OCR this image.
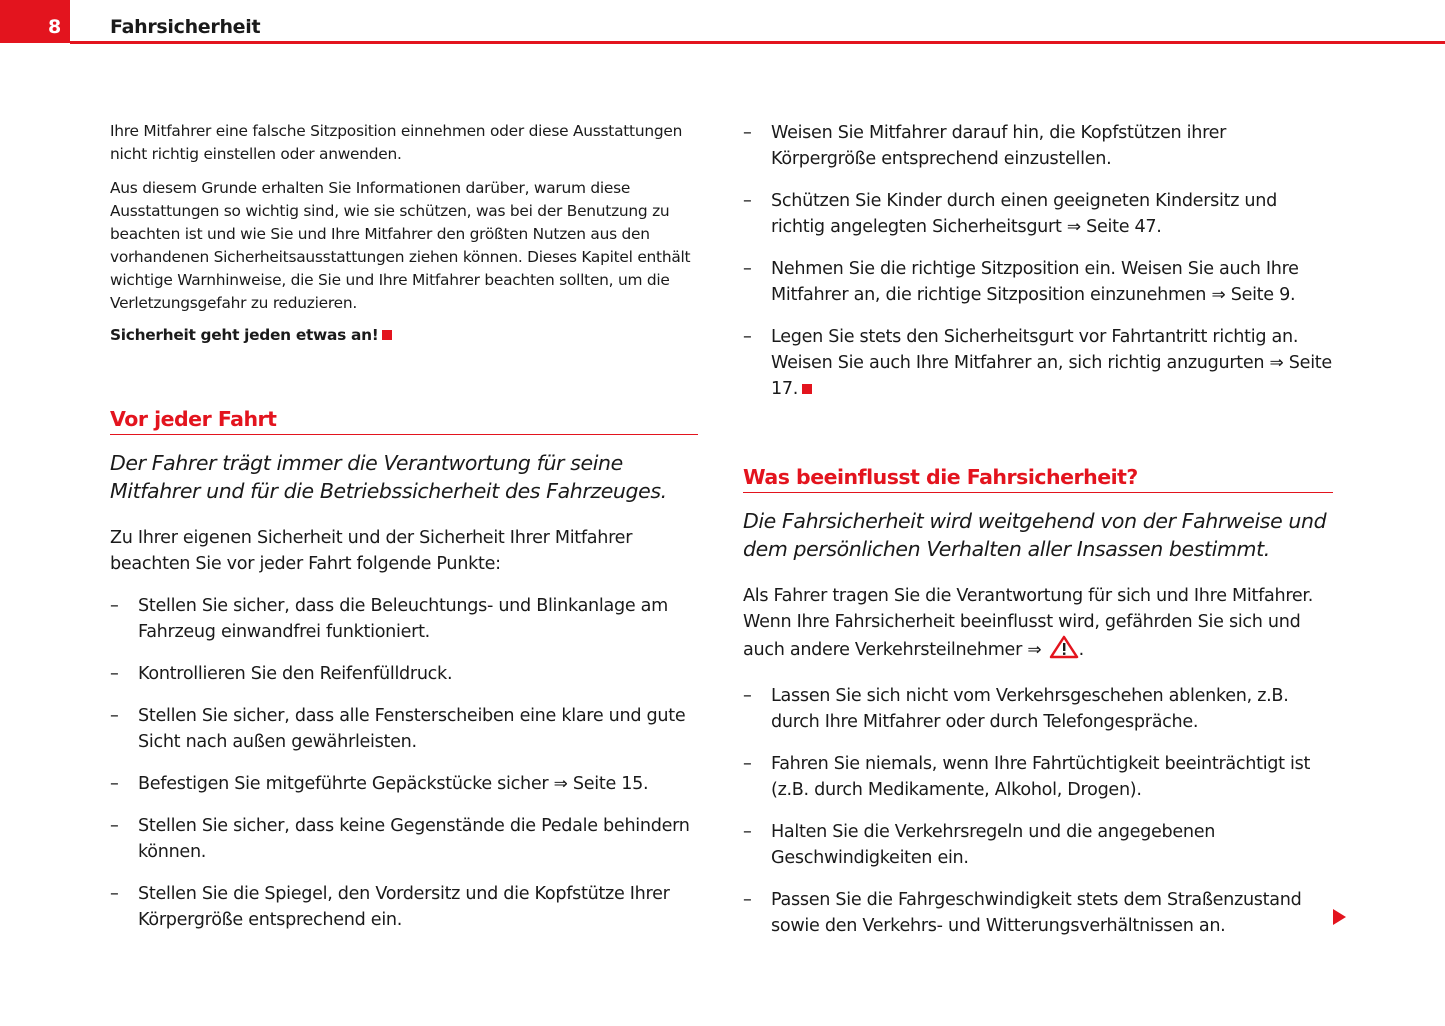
8	Fahrsicherheit

Ihre Mitfahrer eine falsche Sitzposition einnehmen oder diese Ausstattungen nicht richtig einstellen oder anwenden.

Aus diesem Grunde erhalten Sie Informationen darüber, warum diese Ausstattungen so wichtig sind, wie sie schützen, was bei der Benutzung zu beachten ist und wie Sie und Ihre Mitfahrer den größten Nutzen aus den vorhandenen Sicherheitsausstattungen ziehen können. Dieses Kapitel enthält wichtige Warnhinweise, die Sie und Ihre Mitfahrer beachten sollten, um die Verletzungsgefahr zu reduzieren.

Sicherheit geht jeden etwas an!

Vor jeder Fahrt

Der Fahrer trägt immer die Verantwortung für seine Mitfahrer und für die Betriebssicherheit des Fahrzeuges.

Zu Ihrer eigenen Sicherheit und der Sicherheit Ihrer Mitfahrer beachten Sie vor jeder Fahrt folgende Punkte:

– Stellen Sie sicher, dass die Beleuchtungs- und Blinkanlage am Fahrzeug einwandfrei funktioniert.
– Kontrollieren Sie den Reifenfülldruck.
– Stellen Sie sicher, dass alle Fensterscheiben eine klare und gute Sicht nach außen gewährleisten.
– Befestigen Sie mitgeführte Gepäckstücke sicher ⇒ Seite 15.
– Stellen Sie sicher, dass keine Gegenstände die Pedale behindern können.
– Stellen Sie die Spiegel, den Vordersitz und die Kopfstütze Ihrer Körpergröße entsprechend ein.
– Weisen Sie Mitfahrer darauf hin, die Kopfstützen ihrer Körpergröße entsprechend einzustellen.
– Schützen Sie Kinder durch einen geeigneten Kindersitz und richtig angelegten Sicherheitsgurt ⇒ Seite 47.
– Nehmen Sie die richtige Sitzposition ein. Weisen Sie auch Ihre Mitfahrer an, die richtige Sitzposition einzunehmen ⇒ Seite 9.
– Legen Sie stets den Sicherheitsgurt vor Fahrtantritt richtig an. Weisen Sie auch Ihre Mitfahrer an, sich richtig anzugurten ⇒ Seite 17.
Was beeinflusst die Fahrsicherheit?

Die Fahrsicherheit wird weitgehend von der Fahrweise und dem persönlichen Verhalten aller Insassen bestimmt.

Als Fahrer tragen Sie die Verantwortung für sich und Ihre Mitfahrer. Wenn Ihre Fahrsicherheit beeinflusst wird, gefährden Sie sich und auch andere Verkehrsteilnehmer ⇒ .

– Lassen Sie sich nicht vom Verkehrsgeschehen ablenken, z.B. durch Ihre Mitfahrer oder durch Telefongespräche.
– Fahren Sie niemals, wenn Ihre Fahrtüchtigkeit beeinträchtigt ist (z.B. durch Medikamente, Alkohol, Drogen).
– Halten Sie die Verkehrsregeln und die angegebenen Geschwindigkeiten ein.
– Passen Sie die Fahrgeschwindigkeit stets dem Straßenzustand sowie den Verkehrs- und Witterungsverhältnissen an.
